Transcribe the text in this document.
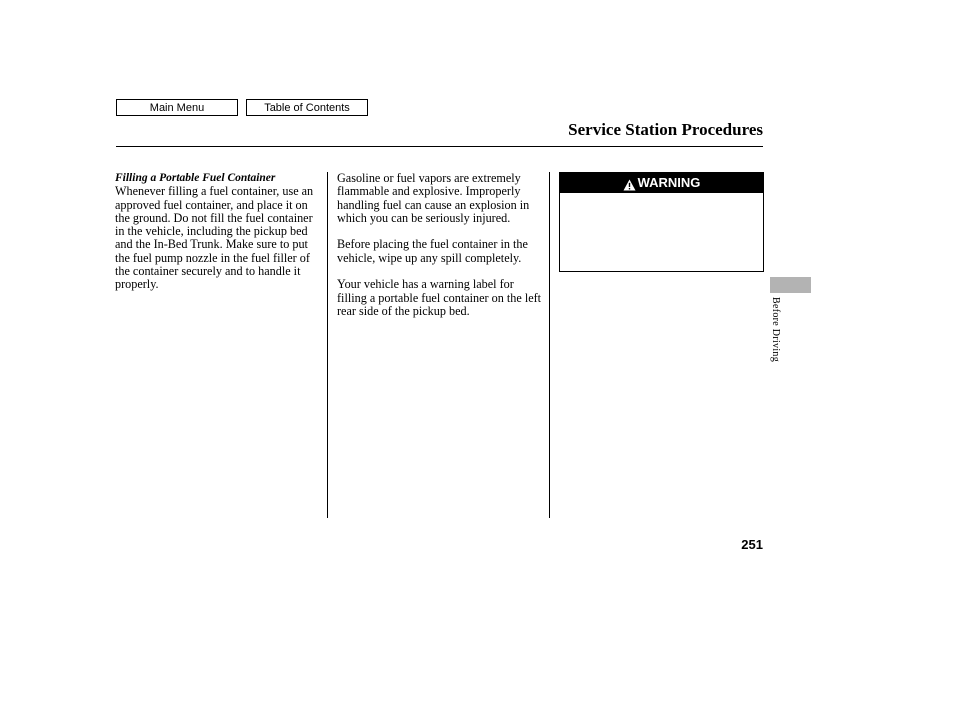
Main Menu	Table of Contents
Service Station Procedures
Filling a Portable Fuel Container

Whenever filling a fuel container, use an approved fuel container, and place it on the ground. Do not fill the fuel container in the vehicle, including the pickup bed and the In-Bed Trunk. Make sure to put the fuel pump nozzle in the fuel filler of the container securely and to handle it properly.

Gasoline or fuel vapors are extremely flammable and explosive. Improperly handling fuel can cause an explosion in which you can be seriously injured.

Before placing the fuel container in the vehicle, wipe up any spill completely.

Your vehicle has a warning label for filling a portable fuel container on the left rear side of the pickup bed.

WARNING
Before Driving
251
